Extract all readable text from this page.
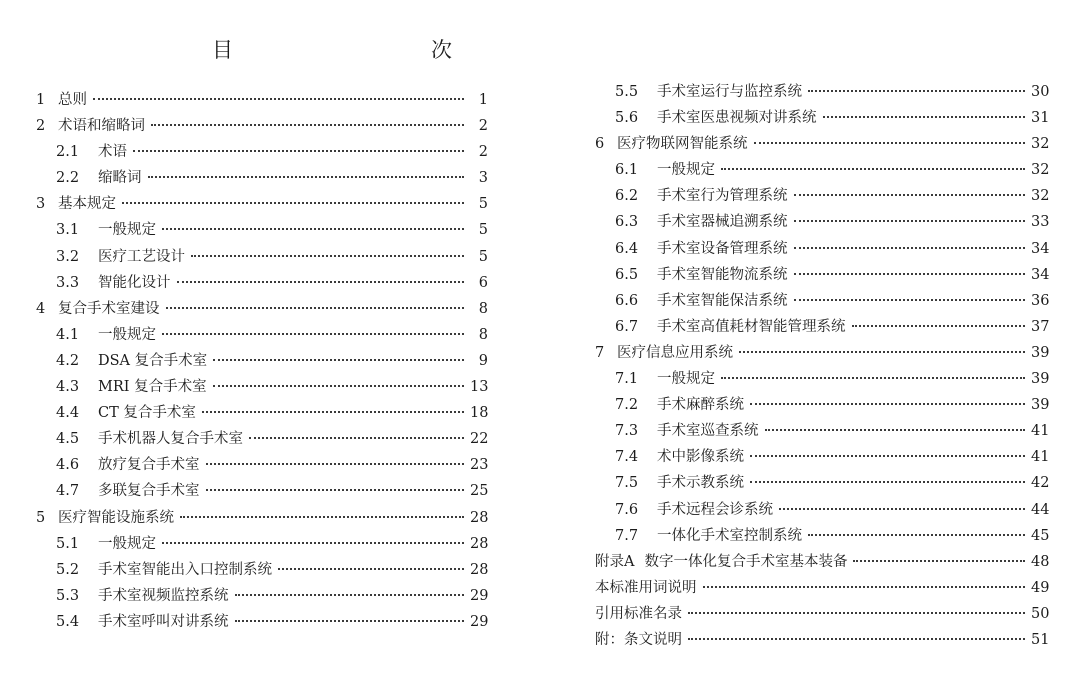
目　　次
1 总则	1
2 术语和缩略词	2
2.1	术语	2
2.2	缩略词	3
3 基本规定	5
3.1	一般规定	5
3.2	医疗工艺设计	5
3.3	智能化设计	6
4 复合手术室建设	8
4.1	一般规定	8
4.2	DSA 复合手术室	9
4.3	MRI 复合手术室	13
4.4	CT 复合手术室	18
4.5	手术机器人复合手术室	22
4.6	放疗复合手术室	23
4.7	多联复合手术室	25
5 医疗智能设施系统	28
5.1	一般规定	28
5.2	手术室智能出入口控制系统	28
5.3	手术室视频监控系统	29
5.4	手术室呼叫对讲系统	29
5.5	手术室运行与监控系统	30
5.6	手术室医患视频对讲系统	31
6 医疗物联网智能系统	32
6.1	一般规定	32
6.2	手术室行为管理系统	32
6.3	手术室器械追溯系统	33
6.4	手术室设备管理系统	34
6.5	手术室智能物流系统	34
6.6	手术室智能保洁系统	36
6.7	手术室高值耗材智能管理系统	37
7 医疗信息应用系统	39
7.1	一般规定	39
7.2	手术麻醉系统	39
7.3	手术室巡查系统	41
7.4	术中影像系统	41
7.5	手术示教系统	42
7.6	手术远程会诊系统	44
7.7	一体化手术室控制系统	45
附录A 数字一体化复合手术室基本装备	48
本标准用词说明	49
引用标准名录	50
附：条文说明	51
